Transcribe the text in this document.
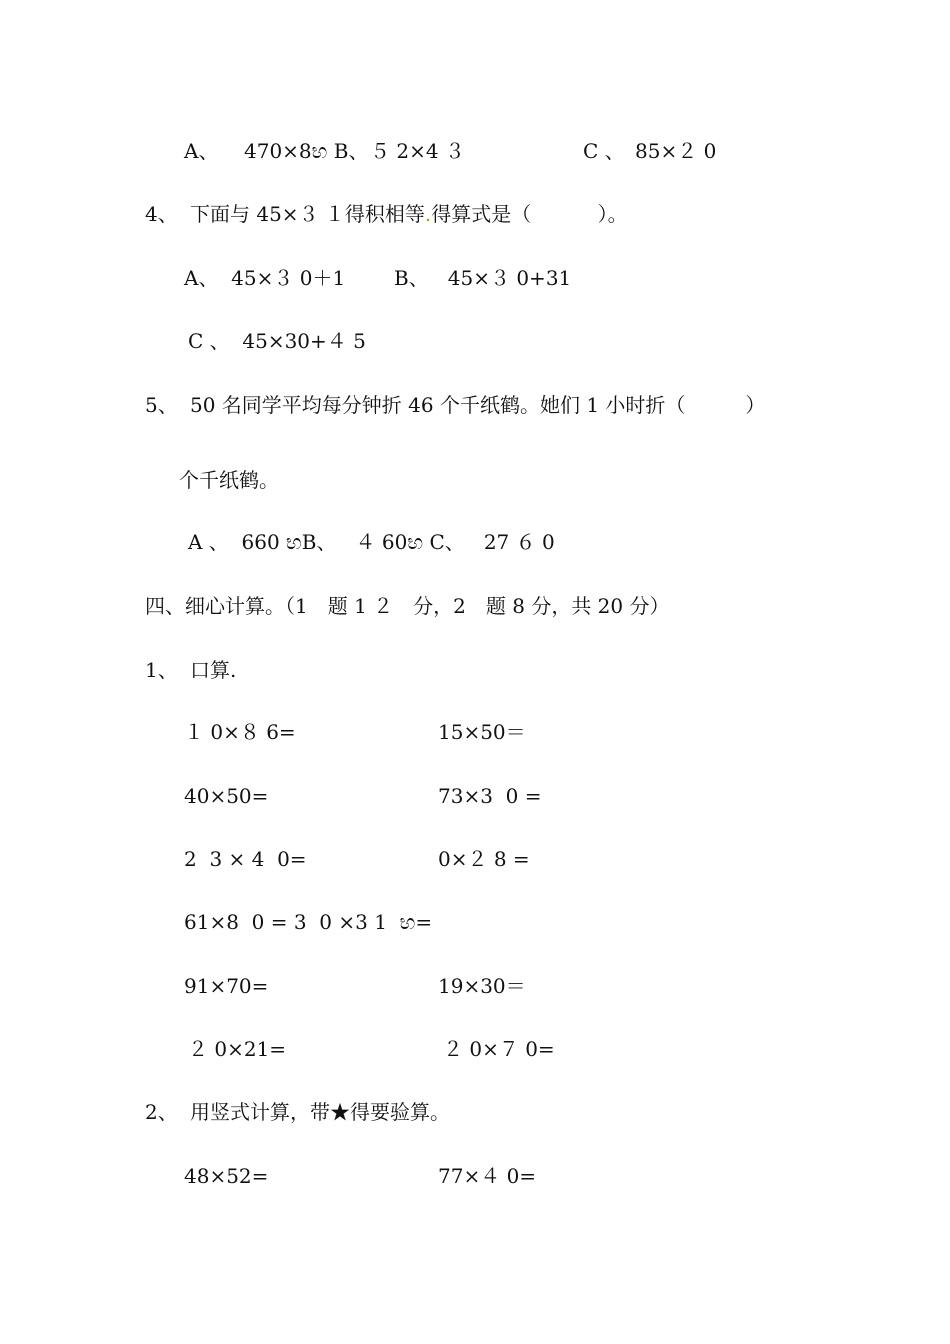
A、 470×8භ B、 ５ 2×4 ３	C 、 85×２ 0
4、 下面与 45×３ １得积相等.得算式是（　　　 ）。
A、  45×３ 0＋1 B、   45×３ 0+31
C 、  45×30+４ 5
5、 50 名同学平均每分钟折 46 个千纸鹤。她们 1 小时折（　　　）
个千纸鹤。
A 、  660 භB、   ４ 60භ C、   27 ６ 0
四、细心计算。（1　题 1 ２　分，2　题 8 分，共 20 分）
1、 口算.
１ 0×８ 6=	15×50＝
40×50=	73×3  0 =
2  3 × 4  0=	0×２ 8 =
61×8  0 = 3  0 ×3 1  භ=
91×70=	19×30＝
２ 0×21=	２ 0×７ 0=
2、 用竖式计算，带★得要验算。
48×52=	77×４ 0=
